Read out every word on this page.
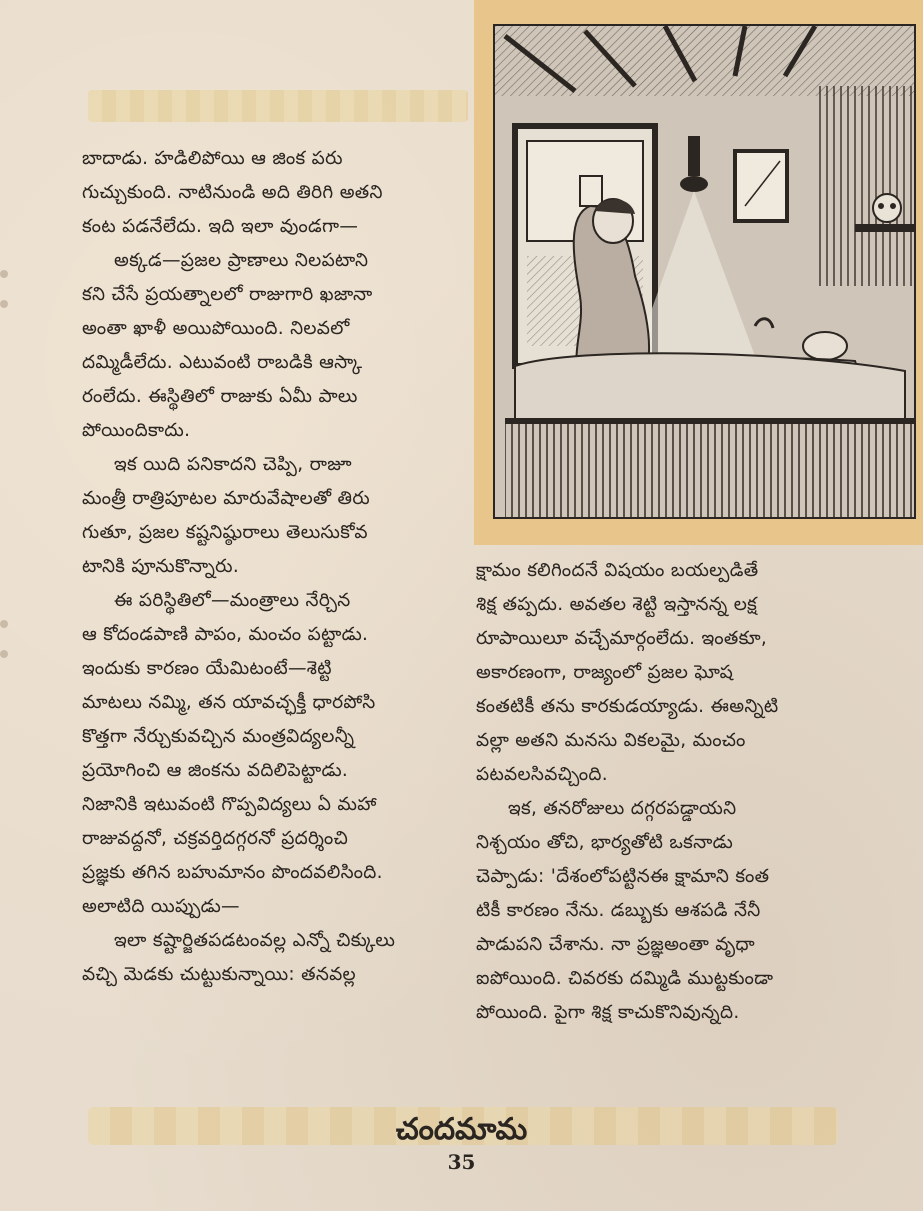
బాదాడు. హడిలిపోయి ఆ జింక పరు
గుచ్చుకుంది. నాటినుండి అది తిరిగి అతని
కంట పడనేలేదు. ఇది ఇలా వుండగా—
అక్కడ—ప్రజల ప్రాణాలు నిలపటాని
కని చేసే ప్రయత్నాలలో రాజుగారి ఖజానా
అంతా ఖాళీ అయిపోయింది. నిలవలో
దమ్మిడీలేదు. ఎటువంటి రాబడికి ఆస్కా
రంలేదు. ఈస్థితిలో రాజుకు ఏమీ పాలు
పోయిందికాదు.
ఇక యిది పనికాదని చెప్పి, రాజూ
మంత్రీ రాత్రిపూటల మారువేషాలతో తిరు
గుతూ, ప్రజల కష్టనిష్ఠురాలు తెలుసుకోవ
టానికి పూనుకొన్నారు.
ఈ పరిస్థితిలో—మంత్రాలు నేర్చిన
ఆ కోదండపాణి పాపం, మంచం పట్టాడు.
ఇందుకు కారణం యేమిటంటే—శెట్టి
మాటలు నమ్మి, తన యావచ్ఛక్తీ ధారపోసి
కొత్తగా నేర్చుకువచ్చిన మంత్రవిద్యలన్నీ
ప్రయోగించి ఆ జింకను వదిలిపెట్టాడు.
నిజానికి ఇటువంటి గొప్పవిద్యలు ఏ మహా
రాజువద్దనో, చక్రవర్తిదగ్గరనో ప్రదర్శించి
ప్రజ్ఞకు తగిన బహుమానం పొందవలిసింది.
అలాటిది యిప్పుడు—
ఇలా కష్టార్జితపడటంవల్ల ఎన్నో చిక్కులు
వచ్చి మెడకు చుట్టుకున్నాయి: తనవల్ల
క్షామం కలిగిందనే విషయం బయల్పడితే
శిక్ష తప్పదు. అవతల శెట్టి ఇస్తానన్న లక్ష
రూపాయిలూ వచ్చేమార్గంలేదు. ఇంతకూ,
అకారణంగా, రాజ్యంలో ప్రజల ఘోష
కంతటికీ తను కారకుడయ్యాడు. ఈఅన్నిటి
వల్లా అతని మనసు వికలమై, మంచం
పటవలసివచ్చింది.
ఇక, తనరోజులు దగ్గరపడ్డాయని
నిశ్చయం తోచి, భార్యతోటి ఒకనాడు
చెప్పాడు: 'దేశంలోపట్టినఈ క్షామాని కంత
టికీ కారణం నేను. డబ్బుకు ఆశపడి నేనీ
పాడుపని చేశాను. నా ప్రజ్ఞఅంతా వృధా
ఐపోయింది. చివరకు దమ్మిడి ముట్టకుండా
పోయింది. పైగా శిక్ష కాచుకొనివున్నది.
చందమామ
35
